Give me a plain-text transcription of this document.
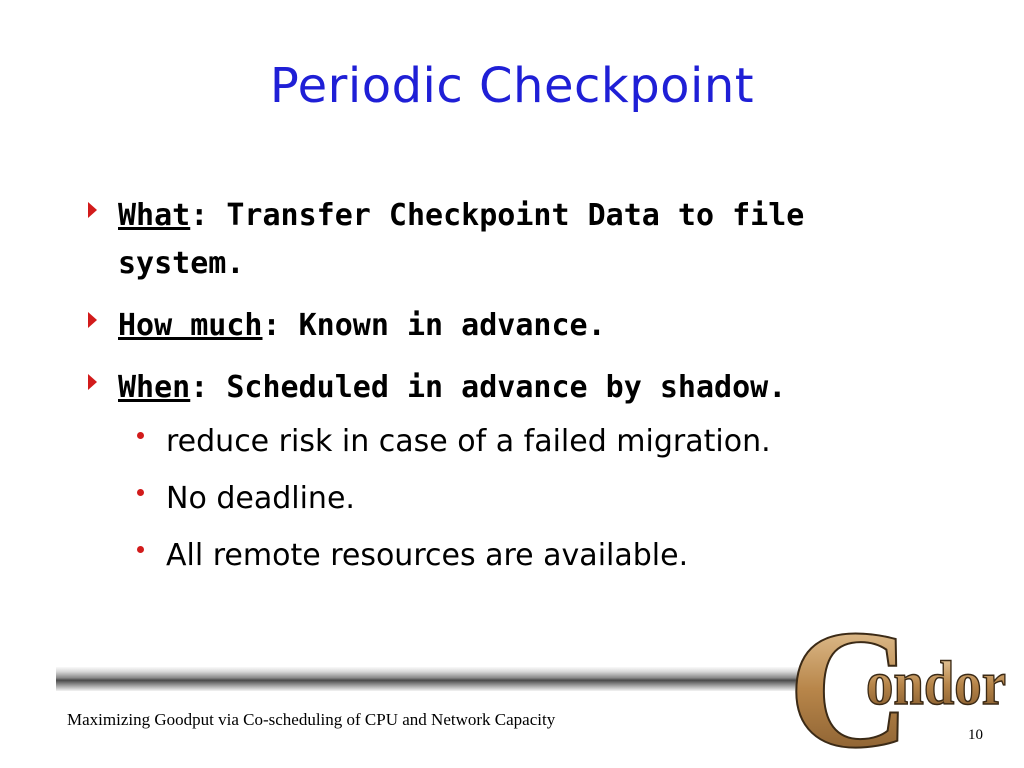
Periodic Checkpoint
What: Transfer Checkpoint Data to file system.
How much: Known in advance.
When: Scheduled in advance by shadow.
reduce risk in case of a failed migration.
No deadline.
All remote resources are available.
C
ondor
Maximizing Goodput via Co-scheduling of CPU and Network Capacity
10
